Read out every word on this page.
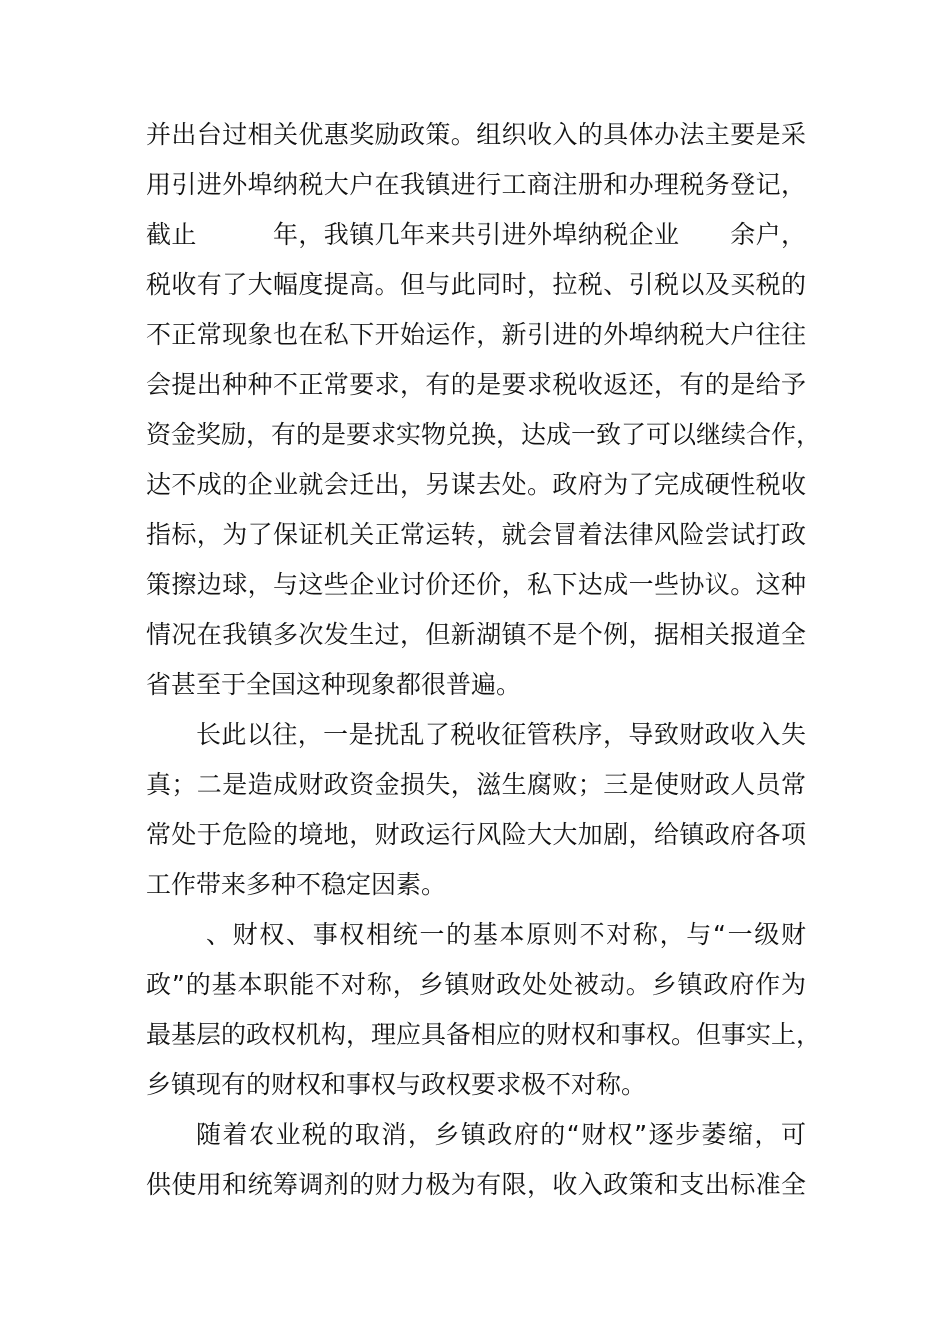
并出台过相关优惠奖励政策。组织收入的具体办法主要是采
用引进外埠纳税大户在我镇进行工商注册和办理税务登记，
截止　　　年，我镇几年来共引进外埠纳税企业　　余户，
税收有了大幅度提高。但与此同时，拉税、引税以及买税的
不正常现象也在私下开始运作，新引进的外埠纳税大户往往
会提出种种不正常要求，有的是要求税收返还，有的是给予
资金奖励，有的是要求实物兑换，达成一致了可以继续合作，
达不成的企业就会迁出，另谋去处。政府为了完成硬性税收
指标，为了保证机关正常运转，就会冒着法律风险尝试打政
策擦边球，与这些企业讨价还价，私下达成一些协议。这种
情况在我镇多次发生过，但新湖镇不是个例，据相关报道全
省甚至于全国这种现象都很普遍。
长此以往，一是扰乱了税收征管秩序，导致财政收入失
真；二是造成财政资金损失，滋生腐败；三是使财政人员常
常处于危险的境地，财政运行风险大大加剧，给镇政府各项
工作带来多种不稳定因素。
、财权、事权相统一的基本原则不对称，与“一级财
政”的基本职能不对称，乡镇财政处处被动。乡镇政府作为
最基层的政权机构，理应具备相应的财权和事权。但事实上，
乡镇现有的财权和事权与政权要求极不对称。
随着农业税的取消，乡镇政府的“财权”逐步萎缩，可
供使用和统筹调剂的财力极为有限，收入政策和支出标准全
